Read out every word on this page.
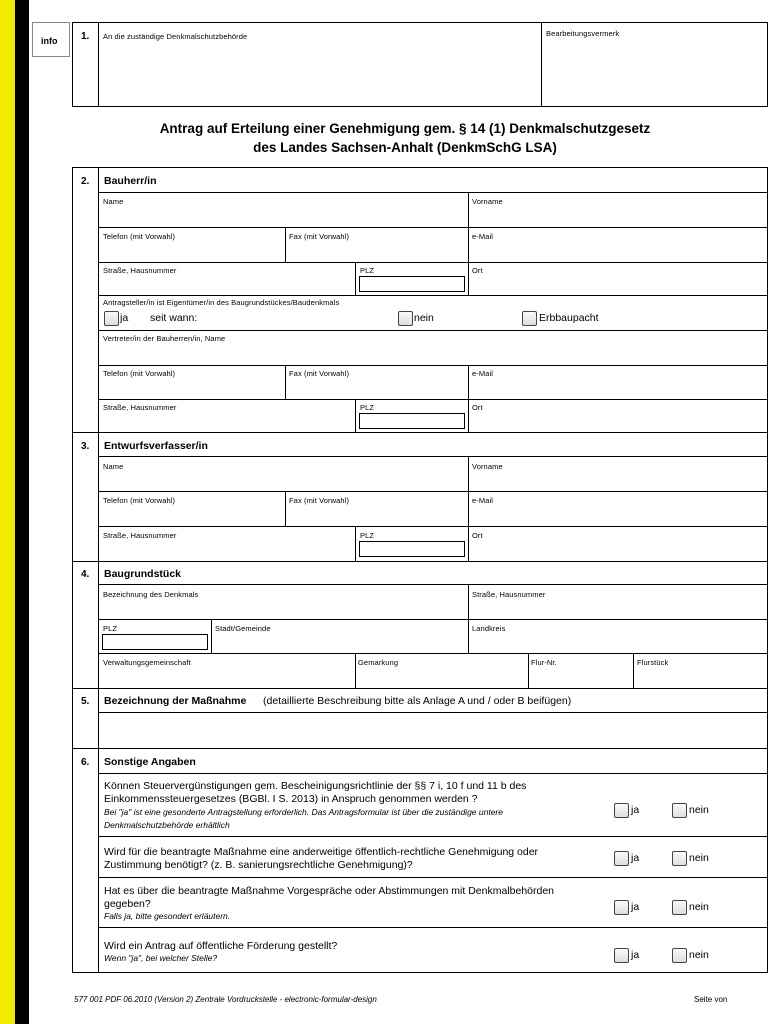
info 1. An die zuständige Denkmalschutzbehörde	Bearbeitungsvermerk
Antrag auf Erteilung einer Genehmigung gem. § 14 (1) Denkmalschutzgesetz
des Landes Sachsen-Anhalt (DenkmSchG LSA)
2. Bauherr/in
Name	Vorname
Telefon (mit Vorwahl)	Fax (mit Vorwahl)	e-Mail
Straße, Hausnummer	PLZ	Ort
Antragsteller/in ist Eigentümer/in des Baugrundstückes/Baudenkmals
ja seit wann:	nein	Erbbaupacht
Vertreter/in der Bauherren/in, Name
Telefon (mit Vorwahl)	Fax (mit Vorwahl)	e-Mail
Straße, Hausnummer	PLZ	Ort
3. Entwurfsverfasser/in
Name	Vorname
Telefon (mit Vorwahl)	Fax (mit Vorwahl)	e-Mail
Straße, Hausnummer	PLZ	Ort
4. Baugrundstück
Bezeichnung des Denkmals	Straße, Hausnummer
PLZ	Stadt/Gemeinde	Landkreis
Verwaltungsgemeinschaft	Gemarkung	Flur-Nr.	Flurstück
5. Bezeichnung der Maßnahme (detaillierte Beschreibung bitte als Anlage A und / oder B beifügen)
6. Sonstige Angaben
Können Steuervergünstigungen gem. Bescheinigungsrichtlinie der §§ 7 i, 10 f und 11 b des
Einkommenssteuergesetzes (BGBl. I S. 2013) in Anspruch genommen werden ?
Bei "ja" ist eine gesonderte Antragstellung erforderlich. Das Antragsformular ist über die zuständige untere
Denkmalschutzbehörde erhältlich
ja	nein
Wird für die beantragte Maßnahme eine anderweitige öffentlich-rechtliche Genehmigung oder
Zustimmung benötigt? (z. B. sanierungsrechtliche Genehmigung)?
ja	nein
Hat es über die beantragte Maßnahme Vorgespräche oder Abstimmungen mit Denkmalbehörden
gegeben?
Falls ja, bitte gesondert erläutern.
ja	nein
Wird ein Antrag auf öffentliche Förderung gestellt?
Wenn "ja", bei welcher Stelle?	ja	nein
577 001 PDF 06.2010 (Version 2) Zentrale Vordruckstelle - electronic-formular-design	Seite von
